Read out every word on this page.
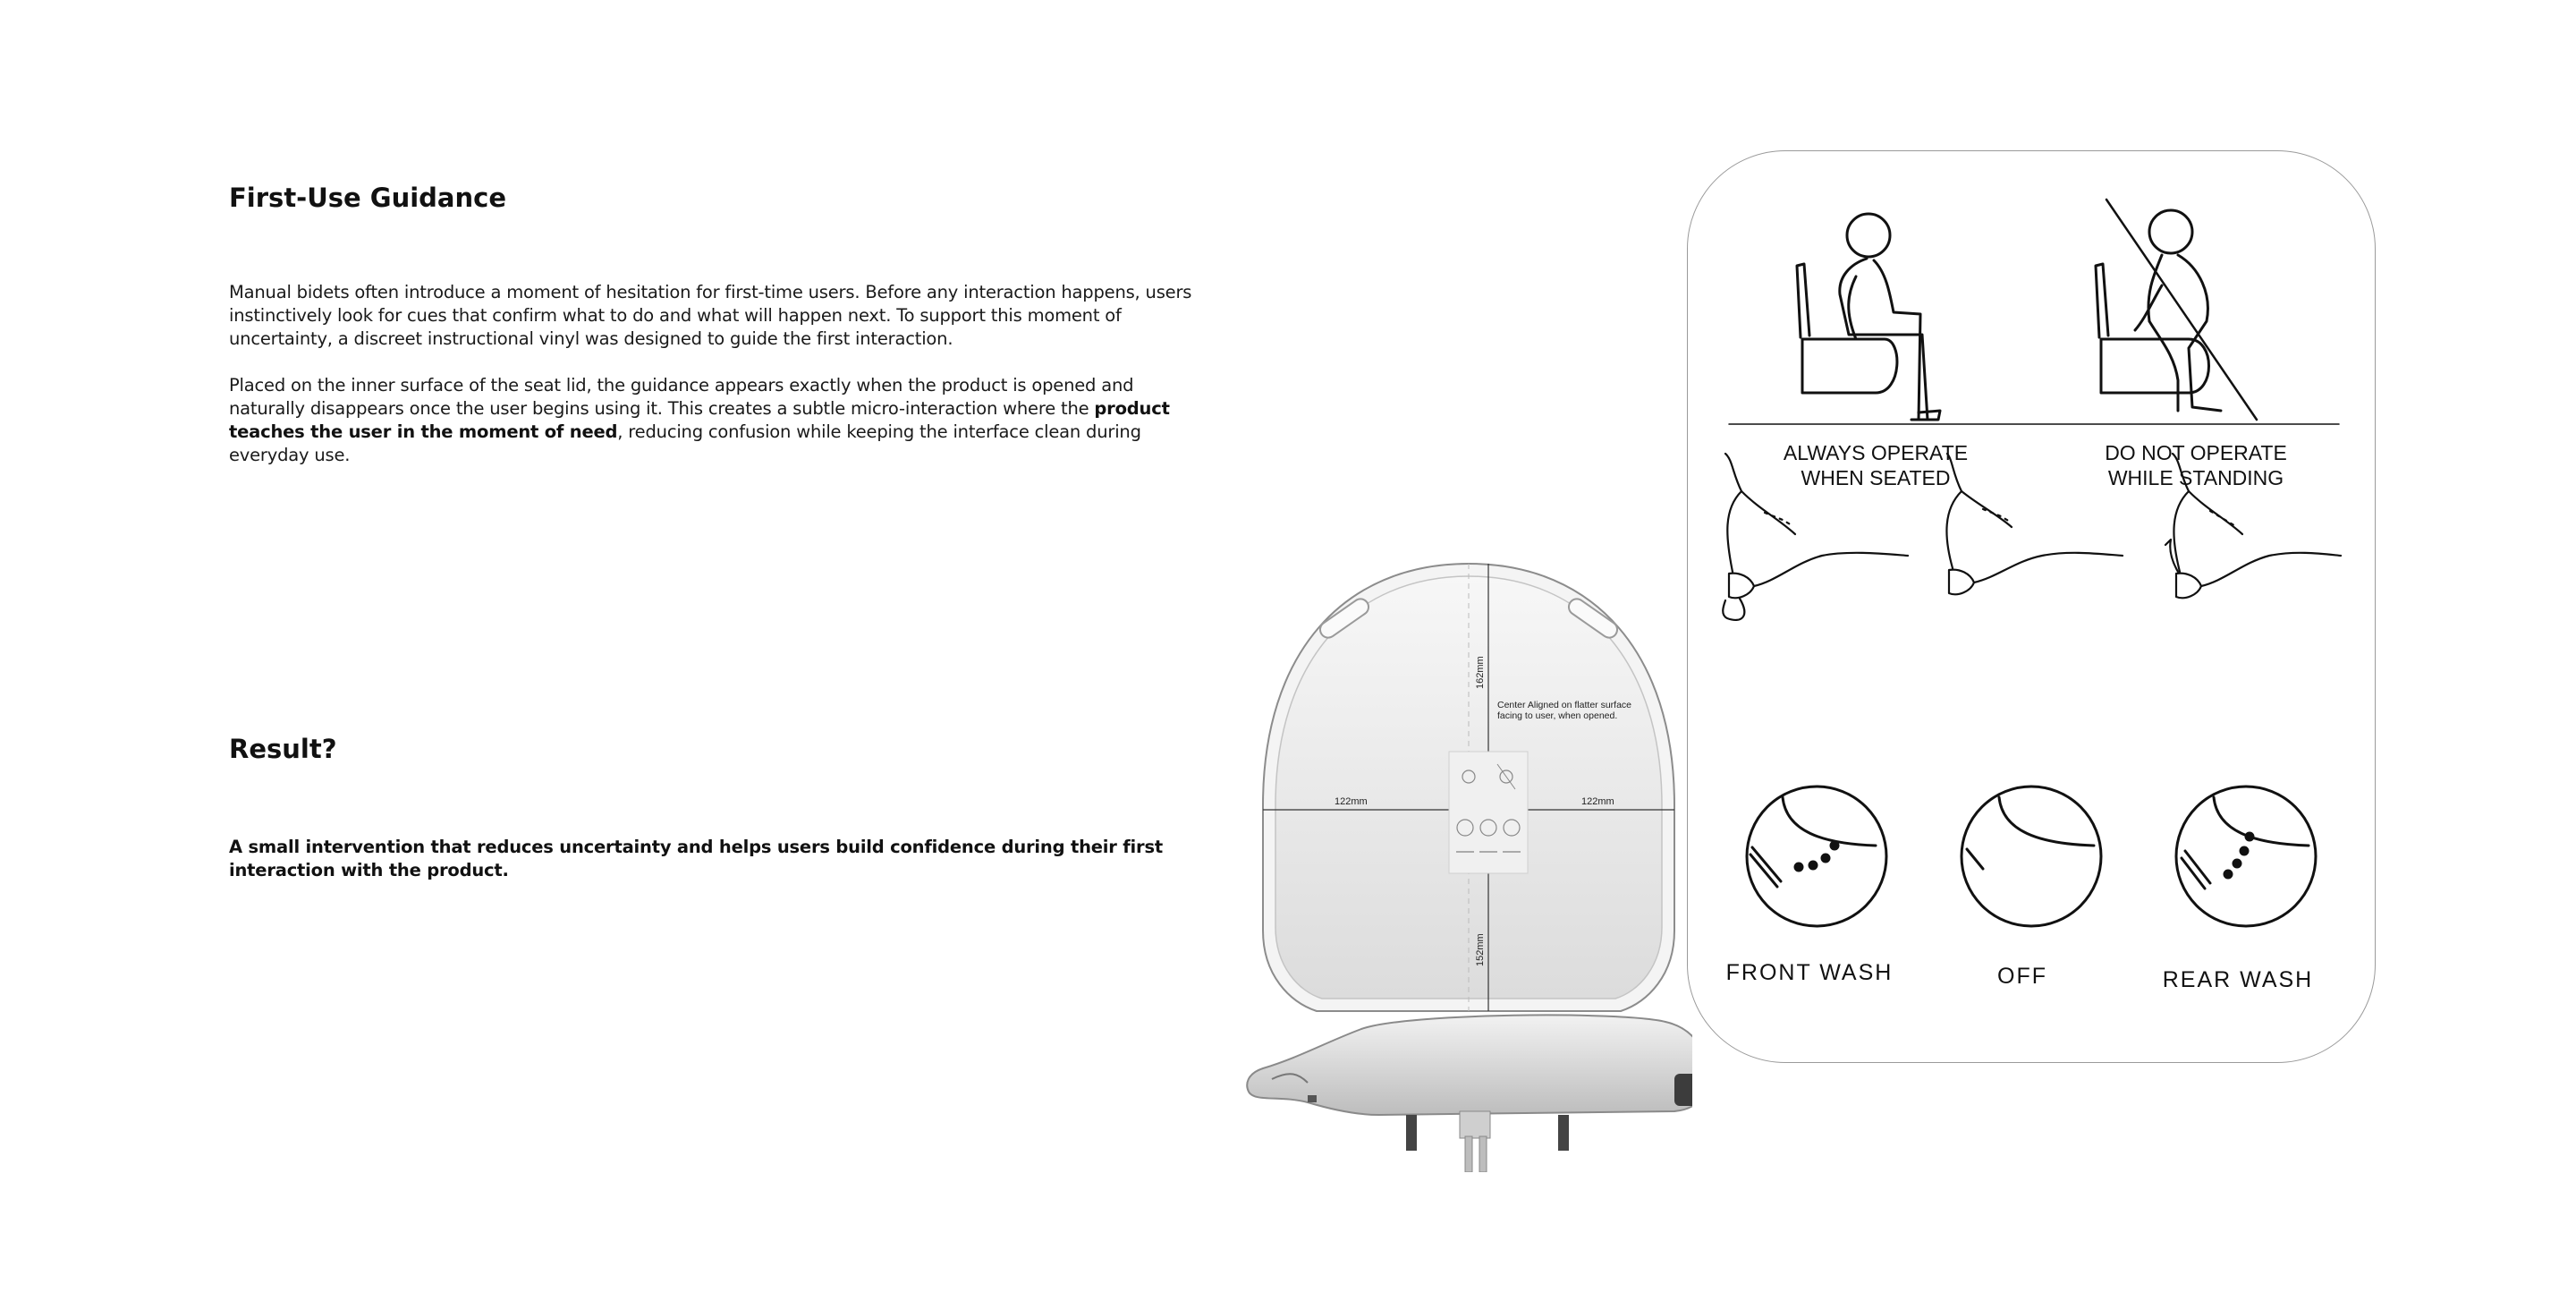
First-Use Guidance

Manual bidets often introduce a moment of hesitation for first-time users. Before any interaction happens, users instinctively look for cues that confirm what to do and what will happen next. To support this moment of uncertainty, a discreet instructional vinyl was designed to guide the first interaction.

Placed on the inner surface of the seat lid, the guidance appears exactly when the product is opened and naturally disappears once the user begins using it. This creates a subtle micro-interaction where the product teaches the user in the moment of need, reducing confusion while keeping the interface clean during everyday use.

Result?

A small intervention that reduces uncertainty and helps users build confidence during their first interaction with the product.

162mm
152mm
122mm	122mm
Center Aligned on flatter surface facing to user, when opened.
ALWAYS OPERATE
WHEN SEATED
DO NOT OPERATE
WHILE STANDING
FRONT WASH	OFF	REAR WASH
